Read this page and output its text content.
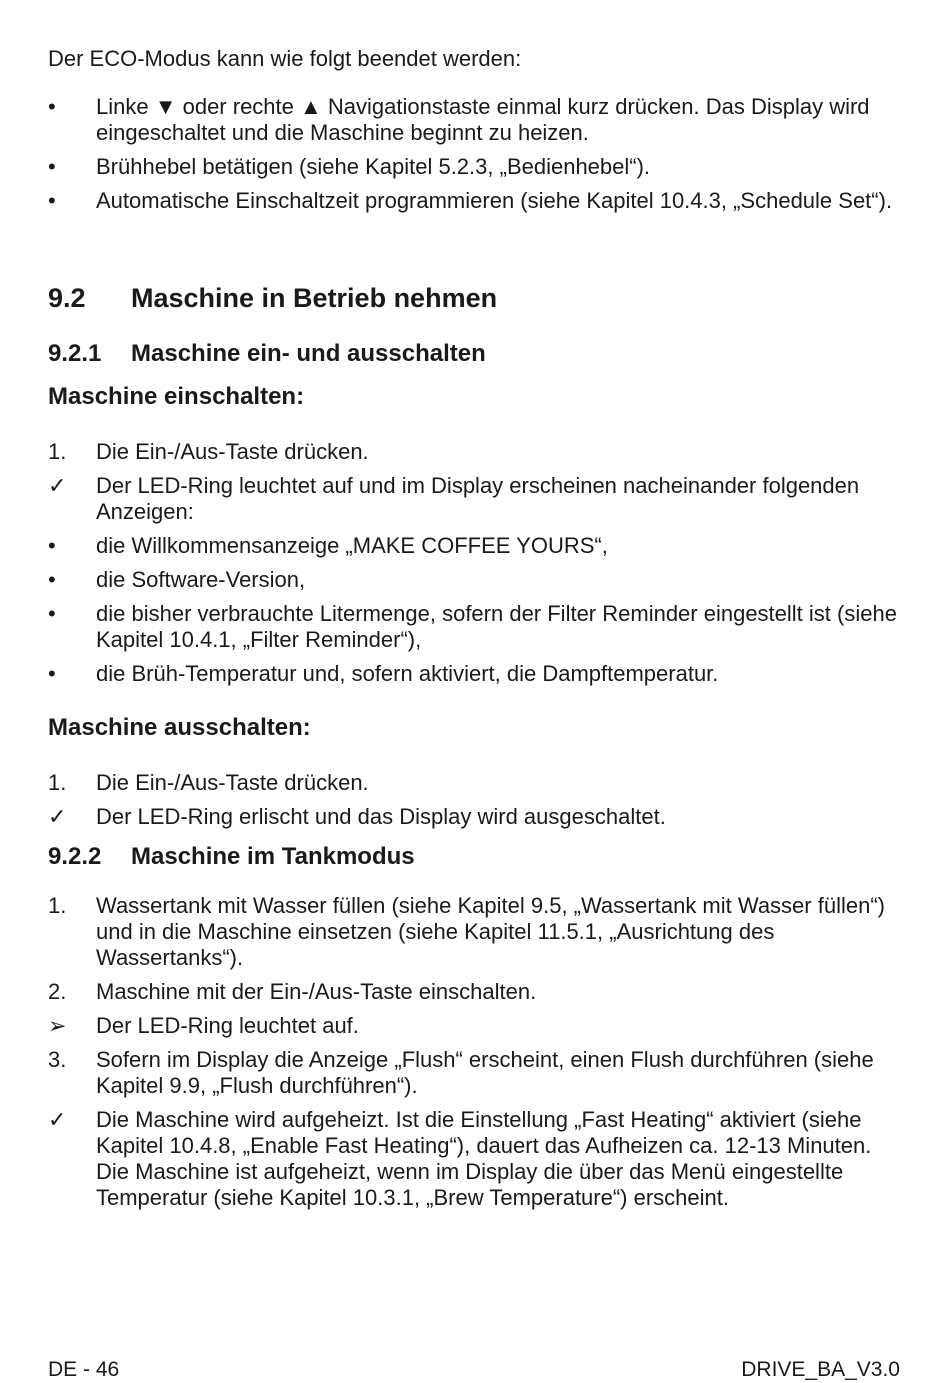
Der ECO-Modus kann wie folgt beendet werden:

•	Linke ▼ oder rechte ▲ Navigationstaste einmal kurz drücken. Das Display wird eingeschaltet und die Maschine beginnt zu heizen.
•	Brühhebel betätigen (siehe Kapitel 5.2.3, „Bedienhebel“).
•	Automatische Einschaltzeit programmieren (siehe Kapitel 10.4.3, „Schedule Set“).
9.2	Maschine in Betrieb nehmen
9.2.1	Maschine ein- und ausschalten
Maschine einschalten:
1.	Die Ein-/Aus-Taste drücken.
✓	Der LED-Ring leuchtet auf und im Display erscheinen nacheinander folgenden Anzeigen:
•	die Willkommensanzeige „MAKE COFFEE YOURS“,
•	die Software-Version,
•	die bisher verbrauchte Litermenge, sofern der Filter Reminder eingestellt ist (siehe Kapitel 10.4.1, „Filter Reminder“),
•	die Brüh-Temperatur und, sofern aktiviert, die Dampftemperatur.
Maschine ausschalten:
1.	Die Ein-/Aus-Taste drücken.
✓	Der LED-Ring erlischt und das Display wird ausgeschaltet.
9.2.2	Maschine im Tankmodus
1.	Wassertank mit Wasser füllen (siehe Kapitel 9.5, „Wassertank mit Wasser füllen“) und in die Maschine einsetzen (siehe Kapitel 11.5.1, „Ausrichtung des Wassertanks“).
2.	Maschine mit der Ein-/Aus-Taste einschalten.
➢	Der LED-Ring leuchtet auf.
3.	Sofern im Display die Anzeige „Flush“ erscheint, einen Flush durchführen (siehe Kapitel 9.9, „Flush durchführen“).
✓	Die Maschine wird aufgeheizt. Ist die Einstellung „Fast Heating“ aktiviert (siehe Kapitel 10.4.8, „Enable Fast Heating“), dauert das Aufheizen ca. 12-13 Minuten. Die Maschine ist aufgeheizt, wenn im Display die über das Menü eingestellte Temperatur (siehe Kapitel 10.3.1, „Brew Temperature“) erscheint.
DE - 46	DRIVE_BA_V3.0
